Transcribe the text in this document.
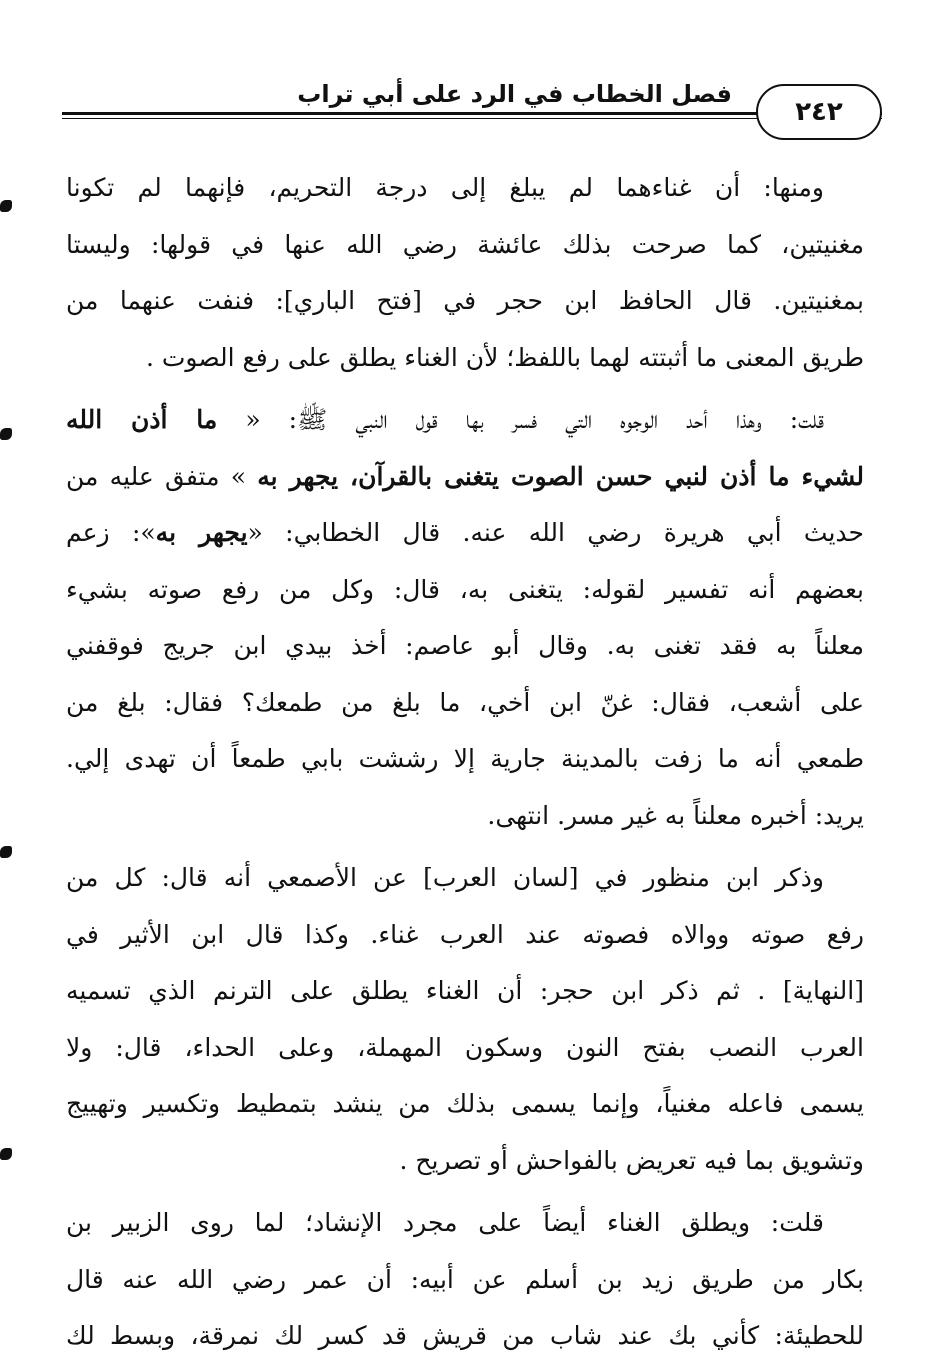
فصل الخطاب في الرد على أبي تراب
٢٤٢

ومنها: أن غناءهما لم يبلغ إلى درجة التحريم، فإنهما لم تكونا
مغنيتين، كما صرحت بذلك عائشة رضي الله عنها في قولها: وليستا
بمغنيتين. قال الحافظ ابن حجر في [فتح الباري]: فنفت عنهما من
طريق المعنى ما أثبتته لهما باللفظ؛ لأن الغناء يطلق على رفع الصوت .

قلت: وهذا أحد الوجوه التي فسر بها قول النبي ﷺ: « ما أذن الله
لشيء ما أذن لنبي حسن الصوت يتغنى بالقرآن، يجهر به » متفق عليه من
حديث أبي هريرة رضي الله عنه. قال الخطابي: «يجهر به»: زعم
بعضهم أنه تفسير لقوله: يتغنى به، قال: وكل من رفع صوته بشيء
معلناً به فقد تغنى به. وقال أبو عاصم: أخذ بيدي ابن جريج فوقفني
على أشعب، فقال: غنّ ابن أخي، ما بلغ من طمعك؟ فقال: بلغ من
طمعي أنه ما زفت بالمدينة جارية إلا رششت بابي طمعاً أن تهدى إلي.
يريد: أخبره معلناً به غير مسر. انتهى.

وذكر ابن منظور في [لسان العرب] عن الأصمعي أنه قال: كل من
رفع صوته ووالاه فصوته عند العرب غناء. وكذا قال ابن الأثير في
[النهاية] . ثم ذكر ابن حجر: أن الغناء يطلق على الترنم الذي تسميه
العرب النصب بفتح النون وسكون المهملة، وعلى الحداء، قال: ولا
يسمى فاعله مغنياً، وإنما يسمى بذلك من ينشد بتمطيط وتكسير وتهييج
وتشويق بما فيه تعريض بالفواحش أو تصريح .

قلت: ويطلق الغناء أيضاً على مجرد الإنشاد؛ لما روى الزبير بن
بكار من طريق زيد بن أسلم عن أبيه: أن عمر رضي الله عنه قال
للحطيئة: كأني بك عند شاب من قريش قد كسر لك نمرقة، وبسط لك
